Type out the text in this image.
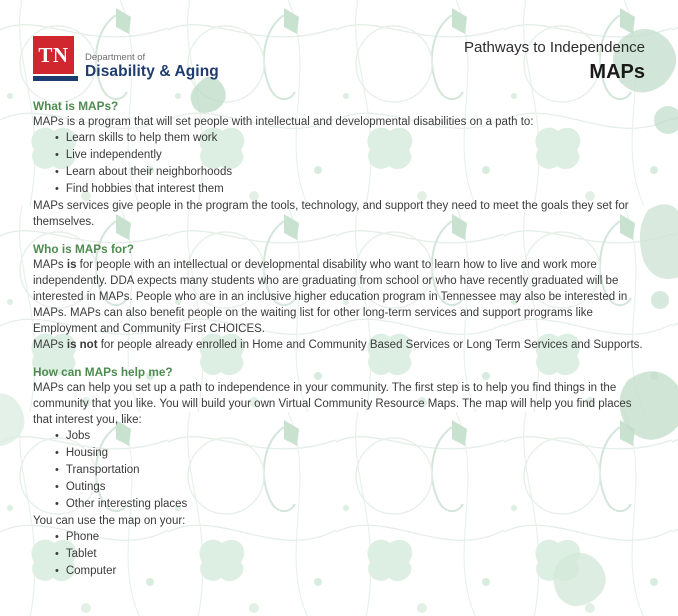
TN Department of
Disability & Aging
Pathways to Independence
MAPs
What is MAPs?

MAPs is a program that will set people with intellectual and developmental disabilities on a path to:

• Learn skills to help them work
• Live independently
• Learn about their neighborhoods
• Find hobbies that interest them

MAPs services give people in the program the tools, technology, and support they need to meet the goals they set for themselves.

Who is MAPs for?

MAPs is for people with an intellectual or developmental disability who want to learn how to live and work more independently. DDA expects many students who are graduating from school or who have recently graduated will be interested in MAPs. People who are in an inclusive higher education program in Tennessee may also be interested in MAPs. MAPs can also benefit people on the waiting list for other long-term services and support programs like Employment and Community First CHOICES.

MAPs is not for people already enrolled in Home and Community Based Services or Long Term Services and Supports.

How can MAPs help me?

MAPs can help you set up a path to independence in your community. The first step is to help you find things in the community that you like. You will build your own Virtual Community Resource Maps. The map will help you find places that interest you, like:

• Jobs
• Housing
• Transportation
• Outings
• Other interesting places

You can use the map on your:

• Phone
• Tablet
• Computer
